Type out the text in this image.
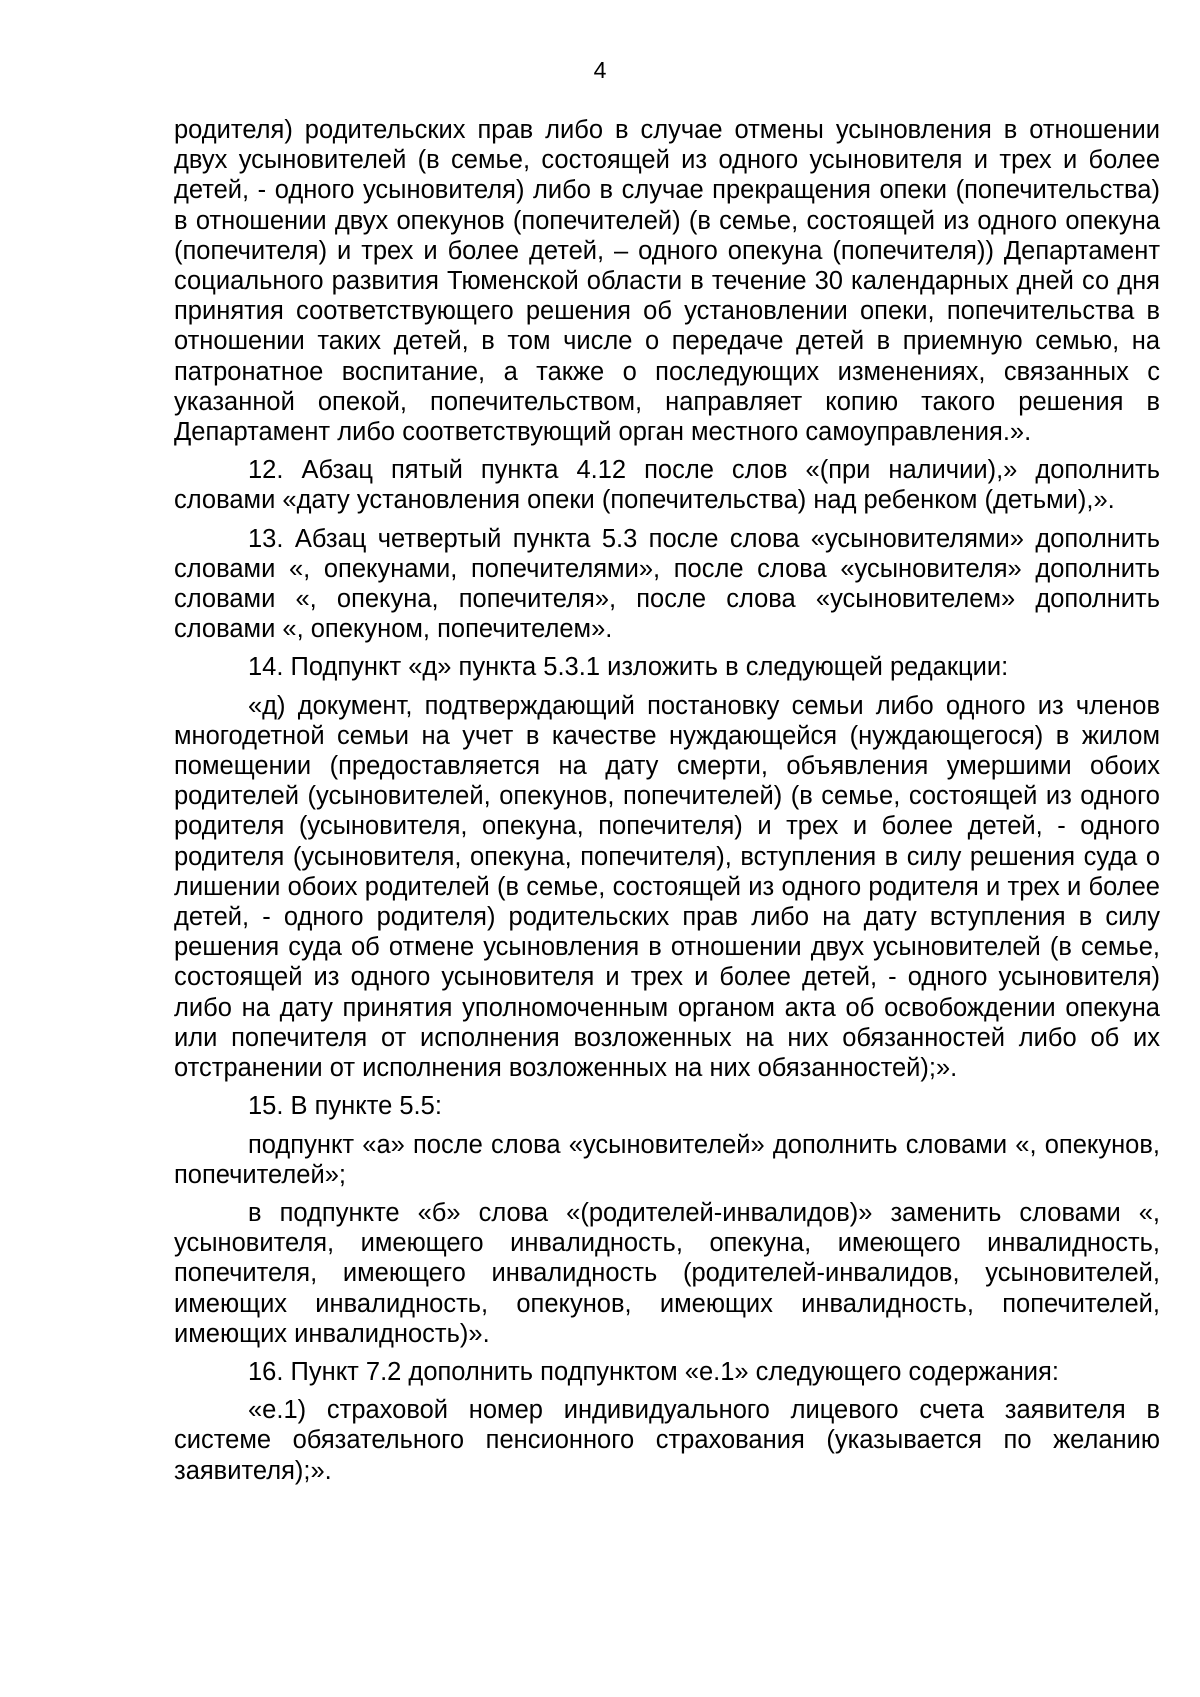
4

родителя) родительских прав либо в случае отмены усыновления в отношении двух усыновителей (в семье, состоящей из одного усыновителя и трех и более детей, - одного усыновителя) либо в случае прекращения опеки (попечительства) в отношении двух опекунов (попечителей) (в семье, состоящей из одного опекуна (попечителя) и трех и более детей, – одного опекуна (попечителя)) Департамент социального развития Тюменской области в течение 30 календарных дней со дня принятия соответствующего решения об установлении опеки, попечительства в отношении таких детей, в том числе о передаче детей в приемную семью, на патронатное воспитание, а также о последующих изменениях, связанных с указанной опекой, попечительством, направляет копию такого решения в Департамент либо соответствующий орган местного самоуправления.».

12. Абзац пятый пункта 4.12 после слов «(при наличии),» дополнить словами «дату установления опеки (попечительства) над ребенком (детьми),».

13. Абзац четвертый пункта 5.3 после слова «усыновителями» дополнить словами «, опекунами, попечителями», после слова «усыновителя» дополнить словами «, опекуна, попечителя», после слова «усыновителем» дополнить словами «, опекуном, попечителем».

14. Подпункт «д» пункта 5.3.1 изложить в следующей редакции:

«д) документ, подтверждающий постановку семьи либо одного из членов многодетной семьи на учет в качестве нуждающейся (нуждающегося) в жилом помещении (предоставляется на дату смерти, объявления умершими обоих родителей (усыновителей, опекунов, попечителей) (в семье, состоящей из одного родителя (усыновителя, опекуна, попечителя) и трех и более детей, - одного родителя (усыновителя, опекуна, попечителя), вступления в силу решения суда о лишении обоих родителей (в семье, состоящей из одного родителя и трех и более детей, - одного родителя) родительских прав либо на дату вступления в силу решения суда об отмене усыновления в отношении двух усыновителей (в семье, состоящей из одного усыновителя и трех и более детей, - одного усыновителя) либо на дату принятия уполномоченным органом акта об освобождении опекуна или попечителя от исполнения возложенных на них обязанностей либо об их отстранении от исполнения возложенных на них обязанностей);».

15. В пункте 5.5:

подпункт «а» после слова «усыновителей» дополнить словами «, опекунов, попечителей»;

в подпункте «б» слова «(родителей-инвалидов)» заменить словами «, усыновителя, имеющего инвалидность, опекуна, имеющего инвалидность, попечителя, имеющего инвалидность (родителей-инвалидов, усыновителей, имеющих инвалидность, опекунов, имеющих инвалидность, попечителей, имеющих инвалидность)».

16. Пункт 7.2 дополнить подпунктом «е.1» следующего содержания:

«е.1) страховой номер индивидуального лицевого счета заявителя в системе обязательного пенсионного страхования (указывается по желанию заявителя);».
